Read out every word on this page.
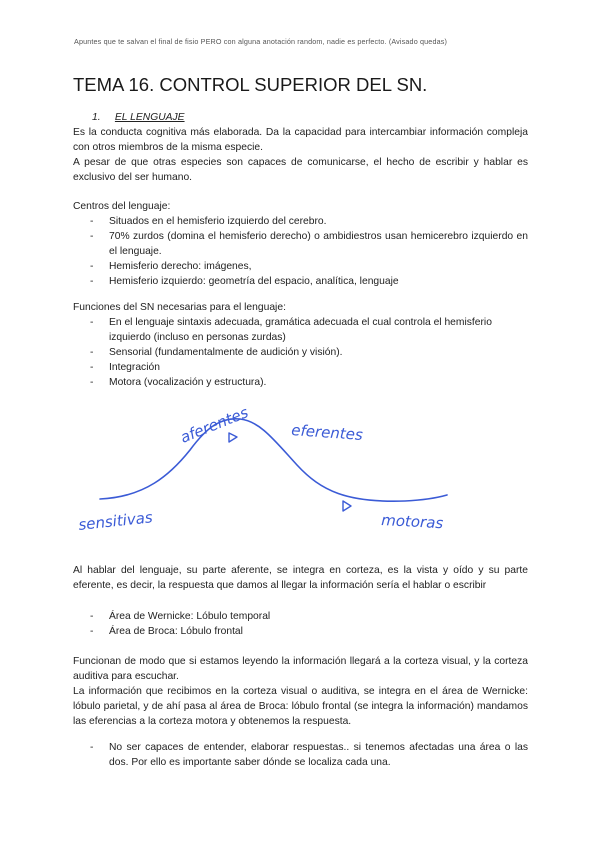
Apuntes que te salvan el final de fisio PERO con alguna anotación random, nadie es perfecto. (Avisado quedas)
TEMA 16. CONTROL SUPERIOR DEL SN.
1. EL LENGUAJE
Es la conducta cognitiva más elaborada. Da la capacidad para intercambiar información compleja con otros miembros de la misma especie.
A pesar de que otras especies son capaces de comunicarse, el hecho de escribir y hablar es exclusivo del ser humano.
Centros del lenguaje:
- Situados en el hemisferio izquierdo del cerebro.
- 70% zurdos (domina el hemisferio derecho) o ambidiestros usan hemicerebro izquierdo en el lenguaje.
- Hemisferio derecho: imágenes,
- Hemisferio izquierdo: geometría del espacio, analítica, lenguaje
Funciones del SN necesarias para el lenguaje:
- En el lenguaje sintaxis adecuada, gramática adecuada el cual controla el hemisferio izquierdo (incluso en personas zurdas)
- Sensorial (fundamentalmente de audición y visión).
- Integración
- Motora (vocalización y estructura).
aferentes	eferentes
sensitivas	motoras
Al hablar del lenguaje, su parte aferente, se integra en corteza, es la vista y oído y su parte eferente, es decir, la respuesta que damos al llegar la información sería el hablar o escribir
- Área de Wernicke: Lóbulo temporal
- Área de Broca: Lóbulo frontal
Funcionan de modo que si estamos leyendo la información llegará a la corteza visual, y la corteza auditiva para escuchar.
La información que recibimos en la corteza visual o auditiva, se integra en el área de Wernicke: lóbulo parietal, y de ahí pasa al área de Broca: lóbulo frontal (se integra la información) mandamos las eferencias a la corteza motora y obtenemos la respuesta.
- No ser capaces de entender, elaborar respuestas.. si tenemos afectadas una área o las dos. Por ello es importante saber dónde se localiza cada una.
